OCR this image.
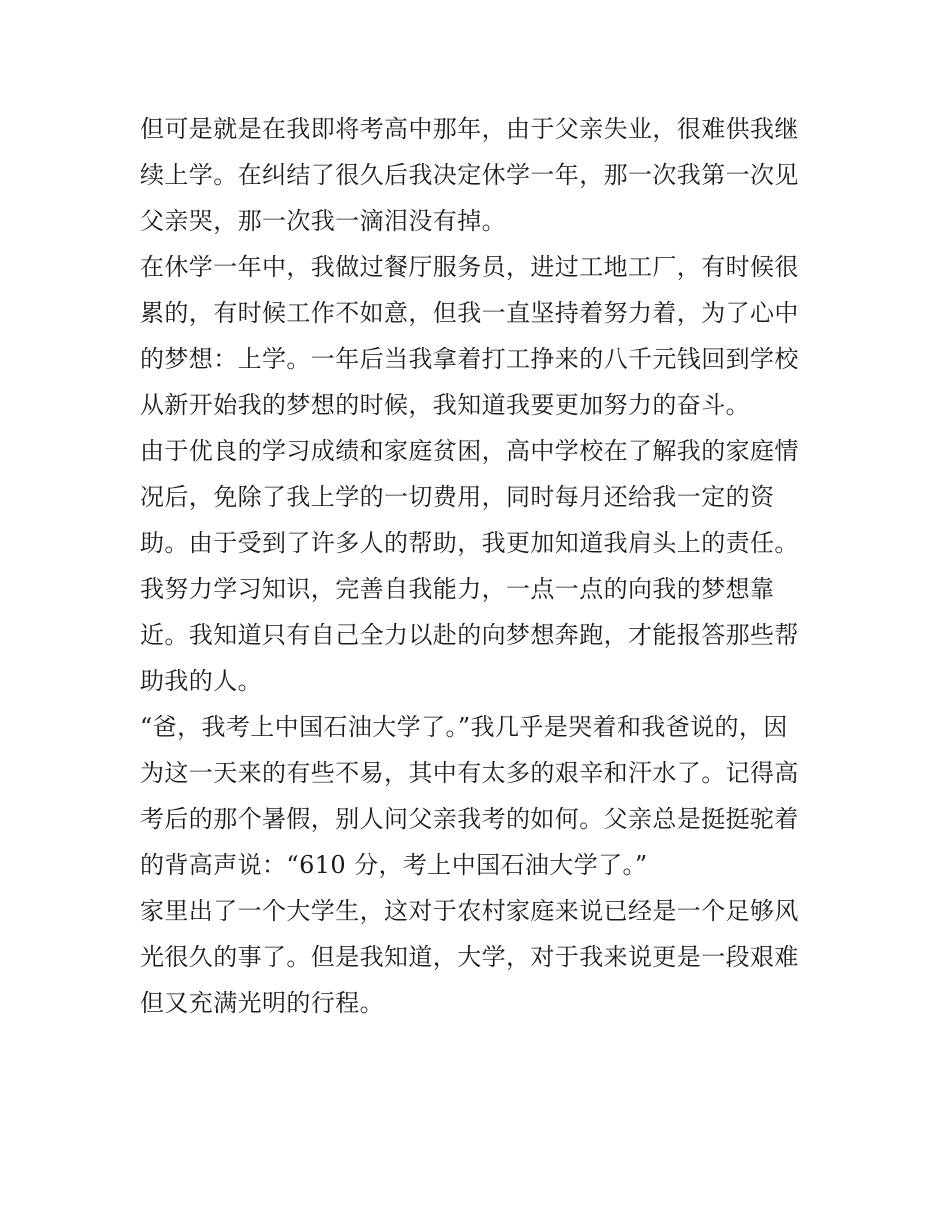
但可是就是在我即将考高中那年，由于父亲失业，很难供我继
续上学。在纠结了很久后我决定休学一年，那一次我第一次见
父亲哭，那一次我一滴泪没有掉。
在休学一年中，我做过餐厅服务员，进过工地工厂，有时候很
累的，有时候工作不如意，但我一直坚持着努力着，为了心中
的梦想：上学。一年后当我拿着打工挣来的八千元钱回到学校
从新开始我的梦想的时候，我知道我要更加努力的奋斗。
由于优良的学习成绩和家庭贫困，高中学校在了解我的家庭情
况后，免除了我上学的一切费用，同时每月还给我一定的资
助。由于受到了许多人的帮助，我更加知道我肩头上的责任。
我努力学习知识，完善自我能力，一点一点的向我的梦想靠
近。我知道只有自己全力以赴的向梦想奔跑，才能报答那些帮
助我的人。
“爸，我考上中国石油大学了。”我几乎是哭着和我爸说的，因
为这一天来的有些不易，其中有太多的艰辛和汗水了。记得高
考后的那个暑假，别人问父亲我考的如何。父亲总是挺挺驼着
的背高声说：“610 分，考上中国石油大学了。”
家里出了一个大学生，这对于农村家庭来说已经是一个足够风
光很久的事了。但是我知道，大学，对于我来说更是一段艰难
但又充满光明的行程。
